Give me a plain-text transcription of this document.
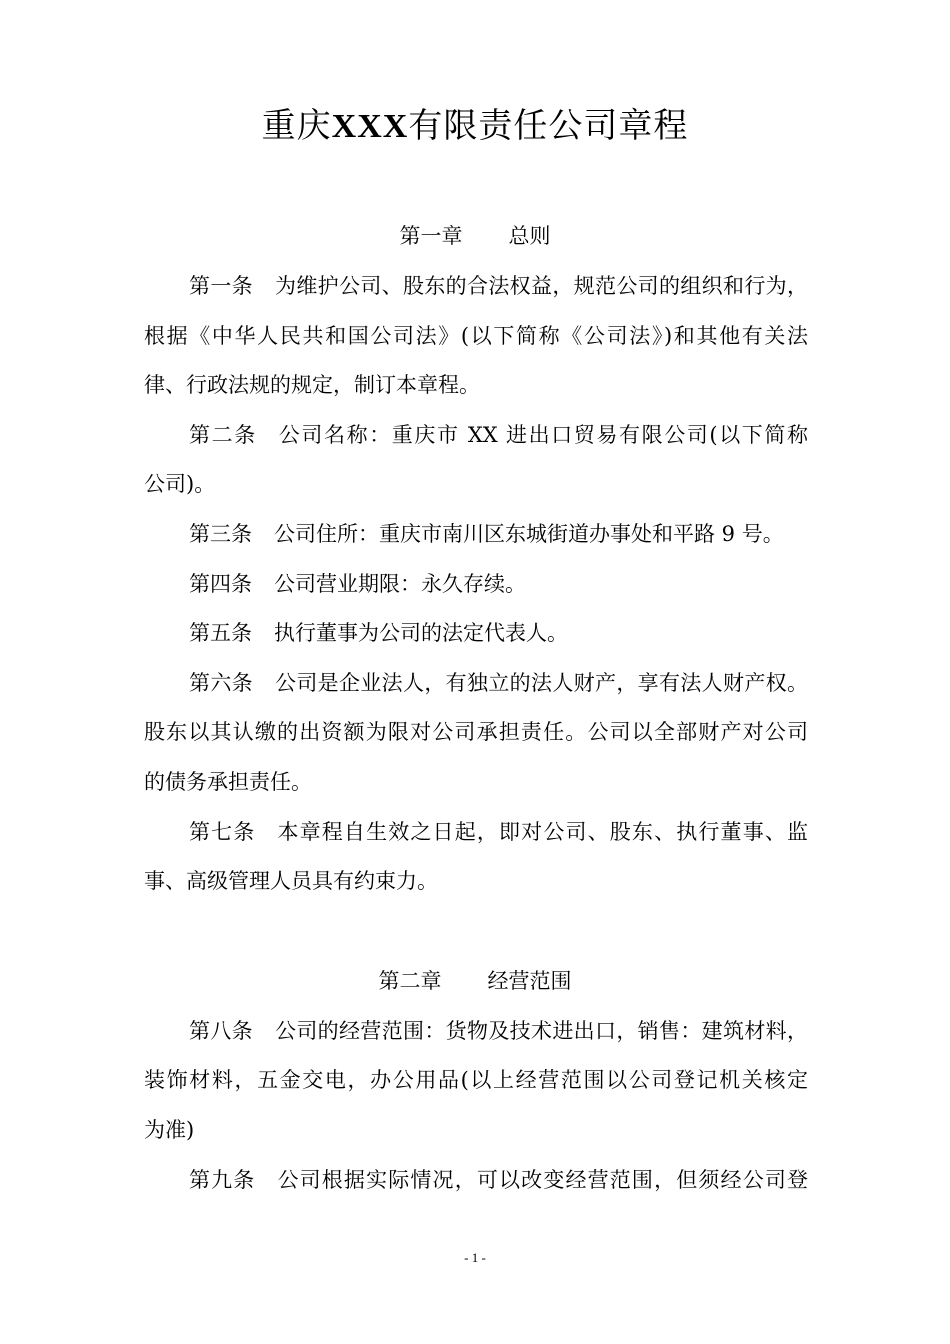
重庆XXX有限责任公司章程
第一章 总则
第一条 为维护公司、股东的合法权益，规范公司的组织和行为，
根据《中华人民共和国公司法》(以下简称《公司法》)和其他有关法
律、行政法规的规定，制订本章程。
第二条 公司名称：重庆市 XX 进出口贸易有限公司(以下简称
公司)。
第三条 公司住所：重庆市南川区东城街道办事处和平路 9 号。
第四条 公司营业期限：永久存续。
第五条 执行董事为公司的法定代表人。
第六条 公司是企业法人，有独立的法人财产，享有法人财产权。
股东以其认缴的出资额为限对公司承担责任。公司以全部财产对公司
的债务承担责任。
第七条 本章程自生效之日起，即对公司、股东、执行董事、监
事、高级管理人员具有约束力。
第二章 经营范围
第八条 公司的经营范围：货物及技术进出口，销售：建筑材料，
装饰材料，五金交电，办公用品(以上经营范围以公司登记机关核定
为准)
第九条 公司根据实际情况，可以改变经营范围，但须经公司登
- 1 -
